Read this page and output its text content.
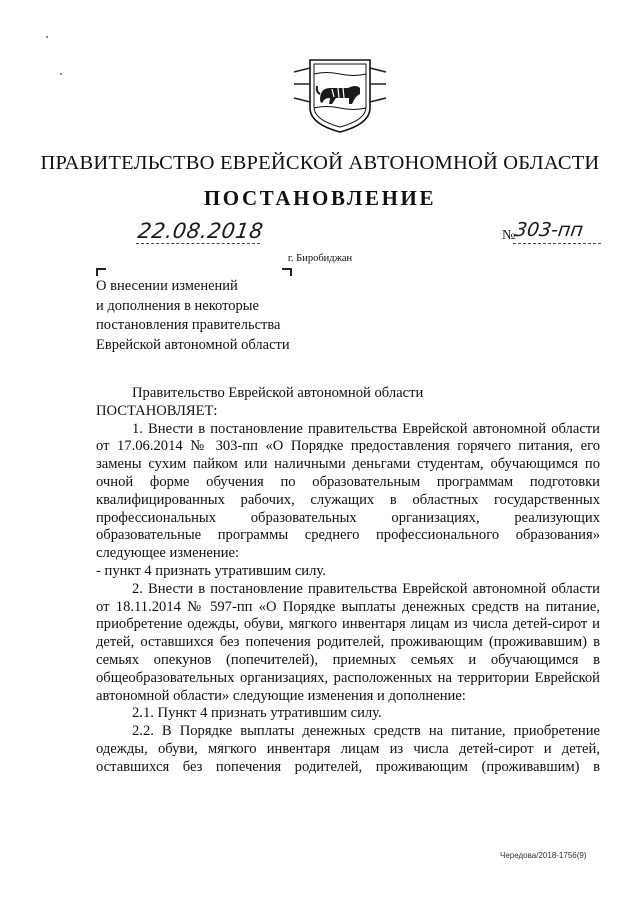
ПРАВИТЕЛЬСТВО ЕВРЕЙСКОЙ АВТОНОМНОЙ ОБЛАСТИ
ПОСТАНОВЛЕНИЕ
22.08.2018	№
303-пп
г. Биробиджан
О внесении изменений
и дополнения в некоторые
постановления правительства
Еврейской автономной области

Правительство Еврейской автономной области

ПОСТАНОВЛЯЕТ:

1. Внести в постановление правительства Еврейской автономной области от 17.06.2014 № 303-пп «О Порядке предоставления горячего питания, его замены сухим пайком или наличными деньгами студентам, обучающимся по очной форме обучения по образовательным программам подготовки квалифицированных рабочих, служащих в областных государственных профессиональных образовательных организациях, реализующих образовательные программы среднего профессионального образования» следующее изменение:

- пункт 4 признать утратившим силу.

2. Внести в постановление правительства Еврейской автономной области от 18.11.2014 № 597-пп «О Порядке выплаты денежных средств на питание, приобретение одежды, обуви, мягкого инвентаря лицам из числа детей-сирот и детей, оставшихся без попечения родителей, проживающим (проживавшим) в семьях опекунов (попечителей), приемных семьях и обучающимся в общеобразовательных организациях, расположенных на территории Еврейской автономной области» следующие изменения и дополнение:

2.1. Пункт 4 признать утратившим силу.

2.2. В Порядке выплаты денежных средств на питание, приобретение одежды, обуви, мягкого инвентаря лицам из числа детей-сирот и детей, оставшихся без попечения родителей, проживающим (проживавшим) в

Чередова/2018-1756(9)
